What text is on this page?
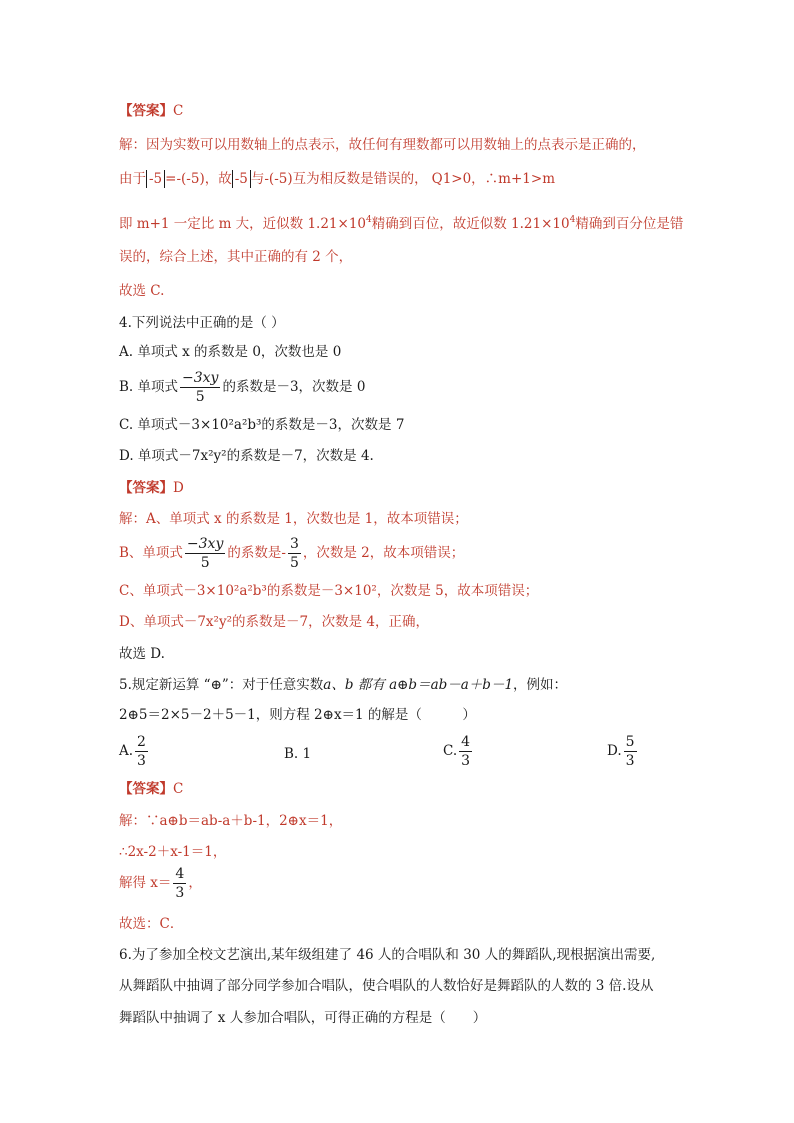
【答案】C
解：因为实数可以用数轴上的点表示，故任何有理数都可以用数轴上的点表示是正确的，
由于 -5 =-(-5)，故 -5 与-(-5)互为相反数是错误的， Q1>0，∴m+1>m
即 m+1 一定比 m 大，近似数 $1.21\times 10^4$精确到百位，故近似数 $1.21\times 10^4$精确到百分位是错
误的，综合上述，其中正确的有 2 个，
故选 C.
4.下列说法中正确的是（ ）
A. 单项式 x 的系数是 0，次数也是 0
B. 单项式 $\frac{-3xy}{5}$ 的系数是－3，次数是 0
C. 单项式－3×10²a²b³的系数是－3，次数是 7
D. 单项式－7x²y²的系数是－7，次数是 4.
【答案】D
解：A、单项式 x 的系数是 1，次数也是 1，故本项错误；
B、单项式 $\frac{-3xy}{5}$ 的系数是- $\frac{3}{5}$ ，次数是 2，故本项错误；
C、单项式－3×10²a²b³的系数是－3×10²，次数是 5，故本项错误；
D、单项式－7x²y²的系数是－7，次数是 4，正确，
故选 D.
5.规定新运算 “⊕”：对于任意实数a、b 都有 a⊕b＝ab－a＋b－1，例如：
2⊕5＝2×5－2＋5－1，则方程 2⊕x＝1 的解是（　　　）
A. $\frac{2}{3}$	B. 1	C. $\frac{4}{3}$	D. $\frac{5}{3}$
【答案】C
解：∵a⊕b＝ab-a＋b-1，2⊕x＝1，
∴2x-2＋x-1＝1，
解得 $x= \frac{4}{3}$ ，
故选：C．
6.为了参加全校文艺演出,某年级组建了 46 人的合唱队和 30 人的舞蹈队,现根据演出需要,
从舞蹈队中抽调了部分同学参加合唱队，使合唱队的人数恰好是舞蹈队的人数的 3 倍.设从
舞蹈队中抽调了 x 人参加合唱队，可得正确的方程是（　　）
